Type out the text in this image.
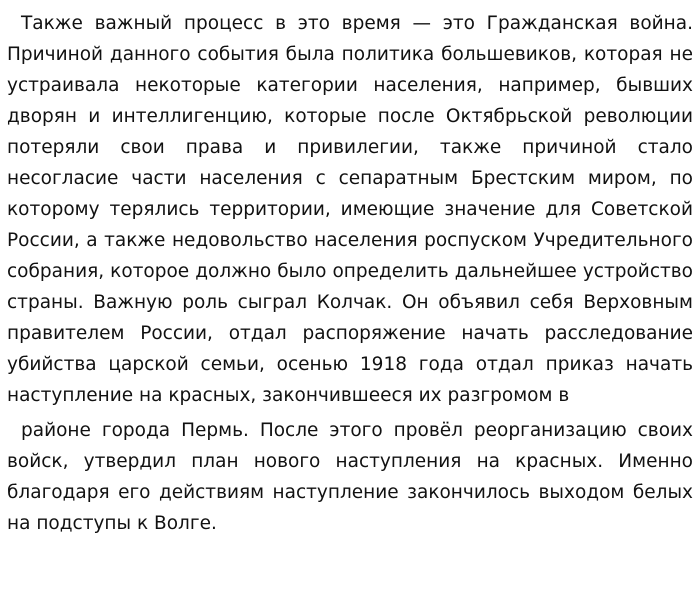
Также важный процесс в это время — это Гражданская война. Причиной данного события была политика большевиков, которая не устраивала некоторые категории населения, например, бывших дворян и интеллигенцию, которые после Октябрьской революции потеряли свои права и привилегии, также причиной стало несогласие части населения с сепаратным Брестским миром, по которому терялись территории, имеющие значение для Советской России, а также недовольство населения роспуском Учредительного собрания, которое должно было определить дальнейшее устройство страны. Важную роль сыграл Колчак. Он объявил себя Верховным правителем России, отдал распоряжение начать расследование убийства царской семьи, осенью 1918 года отдал приказ начать наступление на красных, закончившееся их разгромом в

районе города Пермь. После этого провёл реорганизацию своих войск, утвердил план нового наступления на красных. Именно благодаря его действиям наступление закончилось выходом белых на подступы к Волге.
